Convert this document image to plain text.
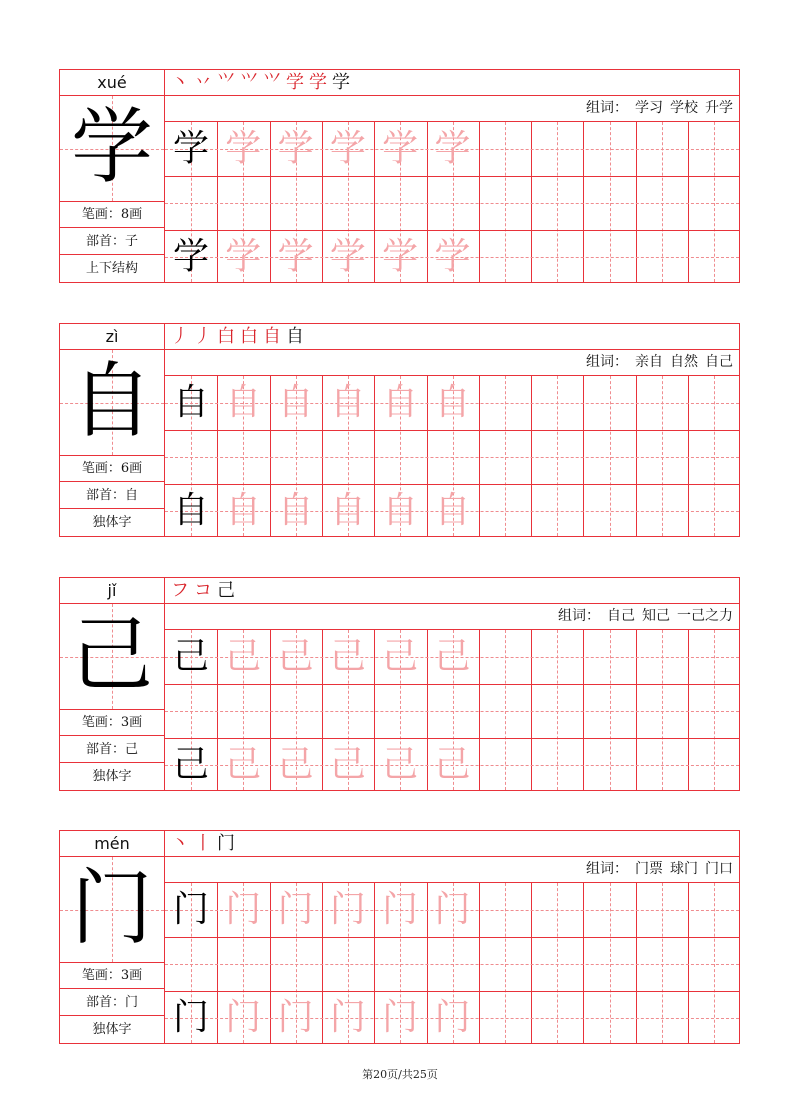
xué
学
笔画：8画
部首：子
上下结构
丶 丷 ⺍ ⺍ ⺍ 学 学 学
组词： 学习 学校 升学
学 学 学 学 学 学
学 学 学 学 学 学
zì
自
笔画：6画
部首：自
独体字
丿 丿 白 白 自 自
组词： 亲自 自然 自己
自 自 自 自 自 自
自 自 自 自 自 自
jǐ
己
笔画：3画
部首：己
独体字
フ コ 己
组词： 自己 知己 一己之力
己 己 己 己 己 己
己 己 己 己 己 己
mén
门
笔画：3画
部首：门
独体字
丶 丨 门
组词： 门票 球门 门口
门 门 门 门 门 门
门 门 门 门 门 门
第20页/共25页
